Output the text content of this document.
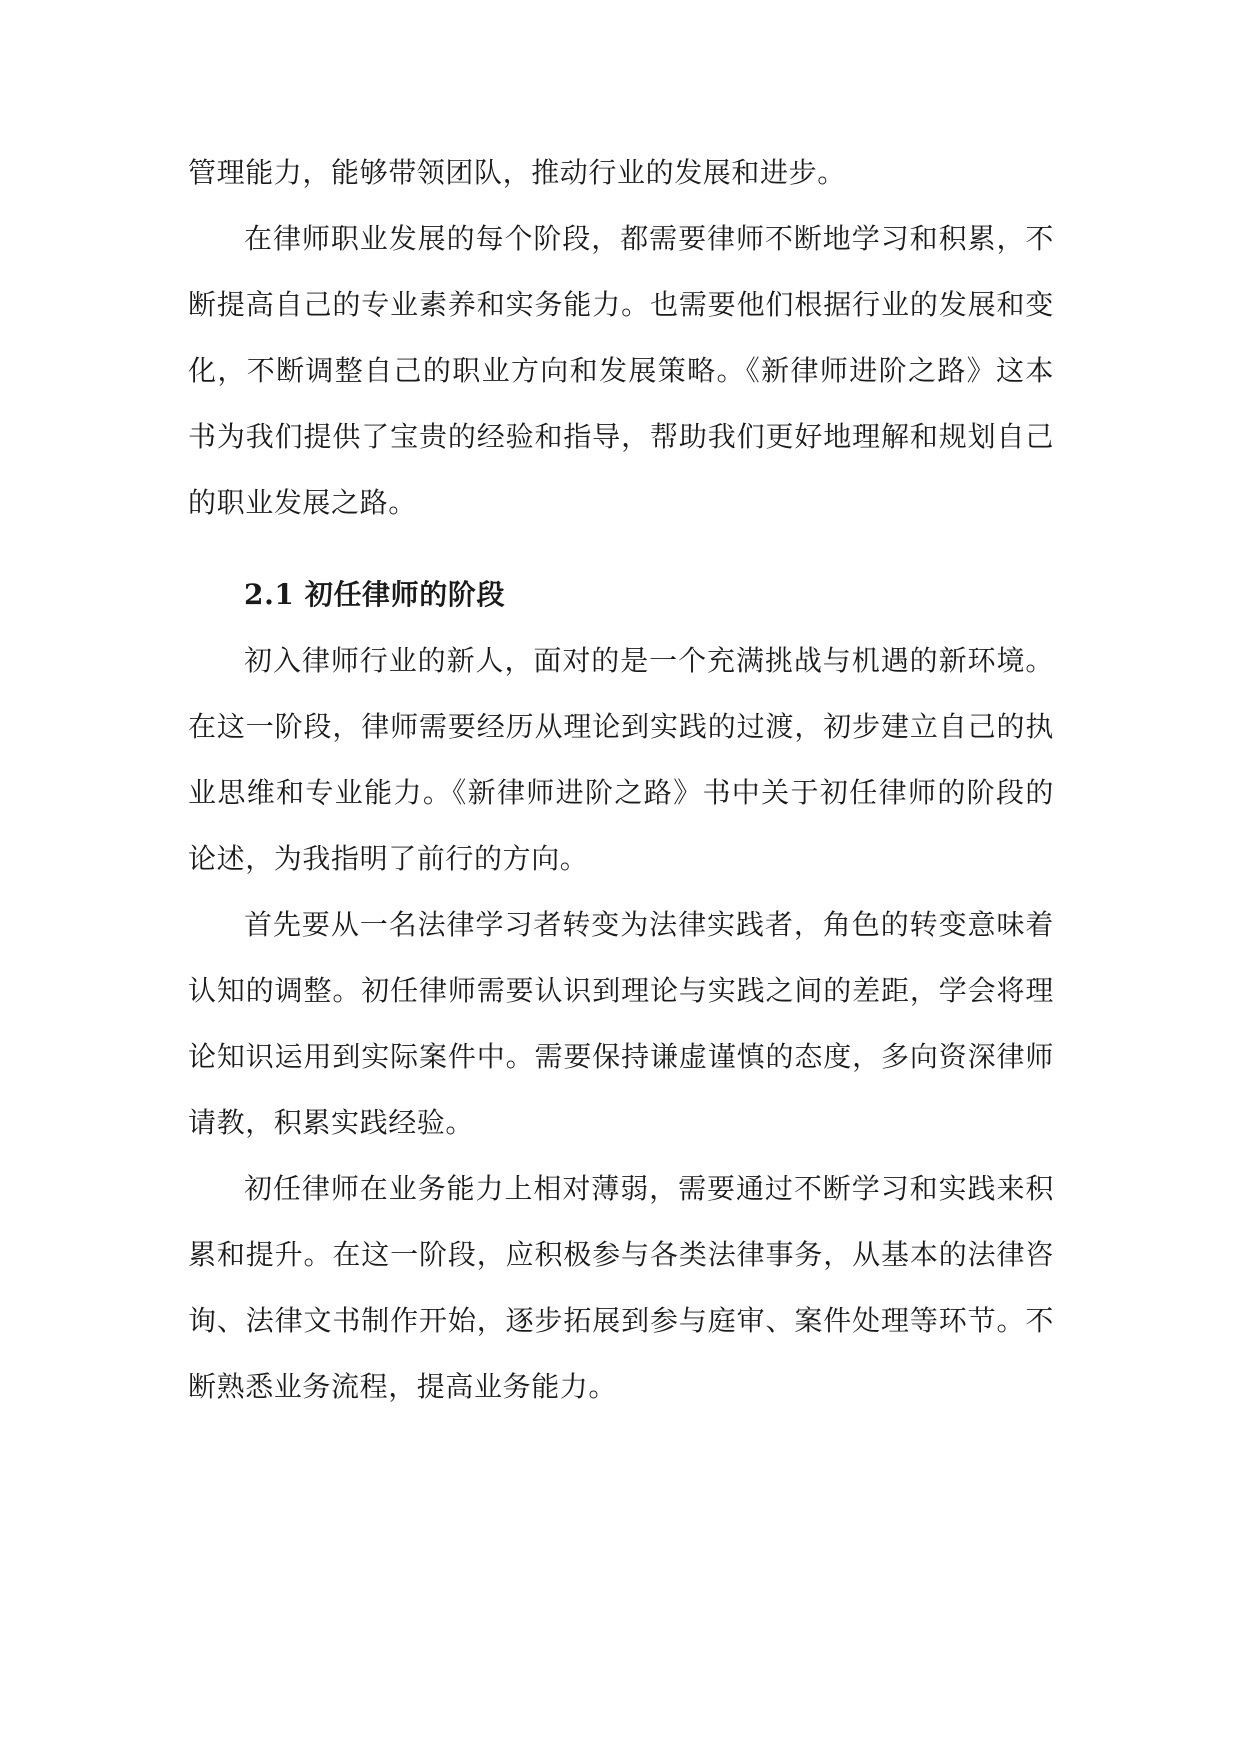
管理能力，能够带领团队，推动行业的发展和进步。

在律师职业发展的每个阶段，都需要律师不断地学习和积累，不断提高自己的专业素养和实务能力。也需要他们根据行业的发展和变化，不断调整自己的职业方向和发展策略。《新律师进阶之路》这本书为我们提供了宝贵的经验和指导，帮助我们更好地理解和规划自己的职业发展之路。

2.1 初任律师的阶段

初入律师行业的新人，面对的是一个充满挑战与机遇的新环境。在这一阶段，律师需要经历从理论到实践的过渡，初步建立自己的执业思维和专业能力。《新律师进阶之路》书中关于初任律师的阶段的论述，为我指明了前行的方向。

首先要从一名法律学习者转变为法律实践者，角色的转变意味着认知的调整。初任律师需要认识到理论与实践之间的差距，学会将理论知识运用到实际案件中。需要保持谦虚谨慎的态度，多向资深律师请教，积累实践经验。

初任律师在业务能力上相对薄弱，需要通过不断学习和实践来积累和提升。在这一阶段，应积极参与各类法律事务，从基本的法律咨询、法律文书制作开始，逐步拓展到参与庭审、案件处理等环节。不断熟悉业务流程，提高业务能力。
